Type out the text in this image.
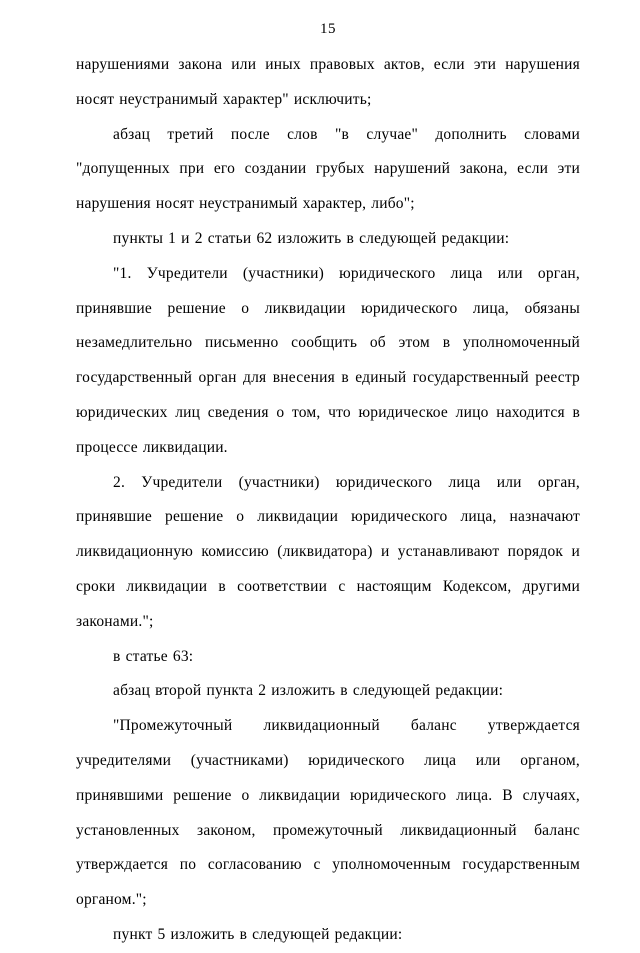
15

нарушениями закона или иных правовых актов, если эти нарушения носят неустранимый характер" исключить;

абзац третий после слов "в случае" дополнить словами "допущенных при его создании грубых нарушений закона, если эти нарушения носят неустранимый характер, либо";

пункты 1 и 2 статьи 62 изложить в следующей редакции:

"1. Учредители (участники) юридического лица или орган, принявшие решение о ликвидации юридического лица, обязаны незамедлительно письменно сообщить об этом в уполномоченный государственный орган для внесения в единый государственный реестр юридических лиц сведения о том, что юридическое лицо находится в процессе ликвидации.

2. Учредители (участники) юридического лица или орган, принявшие решение о ликвидации юридического лица, назначают ликвидационную комиссию (ликвидатора) и устанавливают порядок и сроки ликвидации в соответствии с настоящим Кодексом, другими законами.";

в статье 63:

абзац второй пункта 2 изложить в следующей редакции:

"Промежуточный ликвидационный баланс утверждается учредителями (участниками) юридического лица или органом, принявшими решение о ликвидации юридического лица. В случаях, установленных законом, промежуточный ликвидационный баланс утверждается по согласованию с уполномоченным государственным органом.";

пункт 5 изложить в следующей редакции:
